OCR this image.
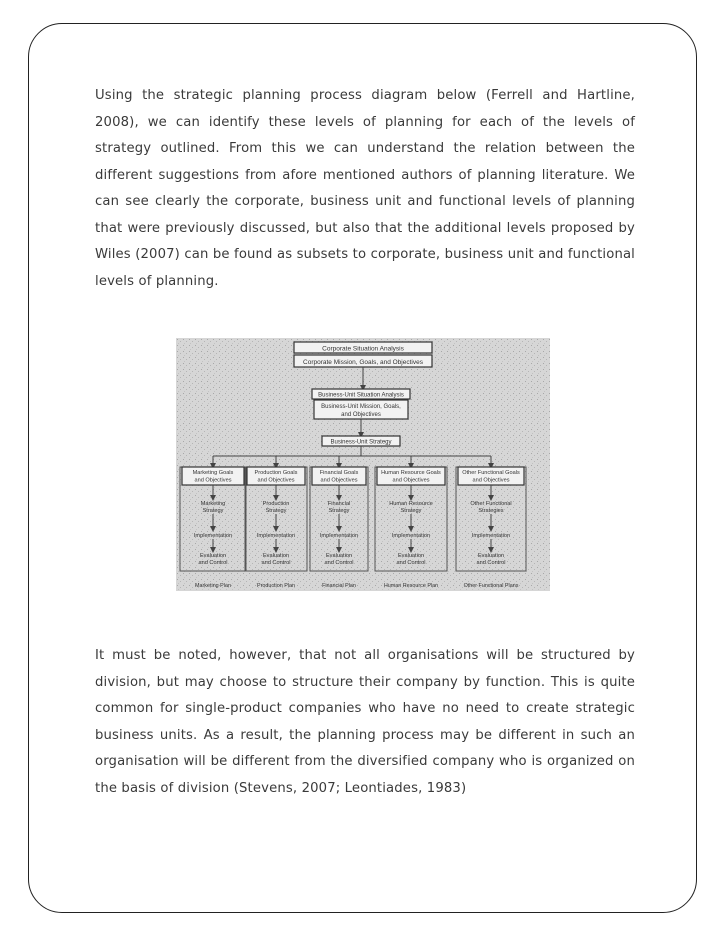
Using the strategic planning process diagram below (Ferrell and Hartline, 2008), we can identify these levels of planning for each of the levels of strategy outlined. From this we can understand the relation between the different suggestions from afore mentioned authors of planning literature. We can see clearly the corporate, business unit and functional levels of planning that were previously discussed, but also that the additional levels proposed by Wiles (2007) can be found as subsets to corporate, business unit and functional levels of planning.

Corporate Situation Analysis
Corporate Mission, Goals, and Objectives
Business-Unit Situation Analysis
Business-Unit Mission, Goals,
and Objectives
Business-Unit Strategy
Marketing Goals
and Objectives
Marketing
Strategy
Implementation
Evaluation
and Control
Marketing Plan
Production Goals
and Objectives
Production
Strategy
Implementation
Evaluation
and Control
Production Plan
Financial Goals
and Objectives
Financial
Strategy
Implementation
Evaluation
and Control
Financial Plan
Human Resource Goals
and Objectives
Human Resource
Strategy
Implementation
Evaluation
and Control
Human Resource Plan
Other Functional Goals
and Objectives
Other Functional
Strategies
Implementation
Evaluation
and Control
Other Functional Plans

It must be noted, however, that not all organisations will be structured by division, but may choose to structure their company by function. This is quite common for single-product companies who have no need to create strategic business units. As a result, the planning process may be different in such an organisation will be different from the diversified company who is organized on the basis of division (Stevens, 2007; Leontiades, 1983)
